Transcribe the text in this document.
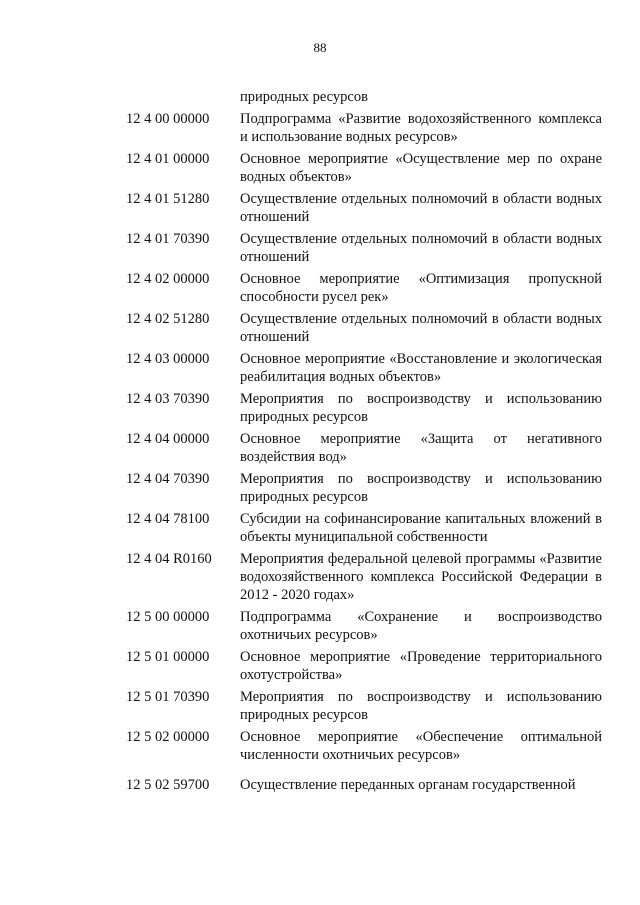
88
природных ресурсов
12 4 00 00000	Подпрограмма «Развитие водохозяйственного комплекса и использование водных ресурсов»
12 4 01 00000	Основное мероприятие «Осуществление мер по охране водных объектов»
12 4 01 51280	Осуществление отдельных полномочий в области водных отношений
12 4 01 70390	Осуществление отдельных полномочий в области водных отношений
12 4 02 00000	Основное мероприятие «Оптимизация пропускной способности русел рек»
12 4 02 51280	Осуществление отдельных полномочий в области водных отношений
12 4 03 00000	Основное мероприятие «Восстановление и экологическая реабилитация водных объектов»
12 4 03 70390	Мероприятия по воспроизводству и использованию природных ресурсов
12 4 04 00000	Основное мероприятие «Защита от негативного воздействия вод»
12 4 04 70390	Мероприятия по воспроизводству и использованию природных ресурсов
12 4 04 78100	Субсидии на софинансирование капитальных вложений в объекты муниципальной собственности
12 4 04 R0160	Мероприятия федеральной целевой программы «Развитие водохозяйственного комплекса Российской Федерации в 2012 - 2020 годах»
12 5 00 00000	Подпрограмма «Сохранение и воспроизводство охотничьих ресурсов»
12 5 01 00000	Основное мероприятие «Проведение территориального охотустройства»
12 5 01 70390	Мероприятия по воспроизводству и использованию природных ресурсов
12 5 02 00000	Основное мероприятие «Обеспечение оптимальной численности охотничьих ресурсов»
12 5 02 59700	Осуществление переданных органам государственной
